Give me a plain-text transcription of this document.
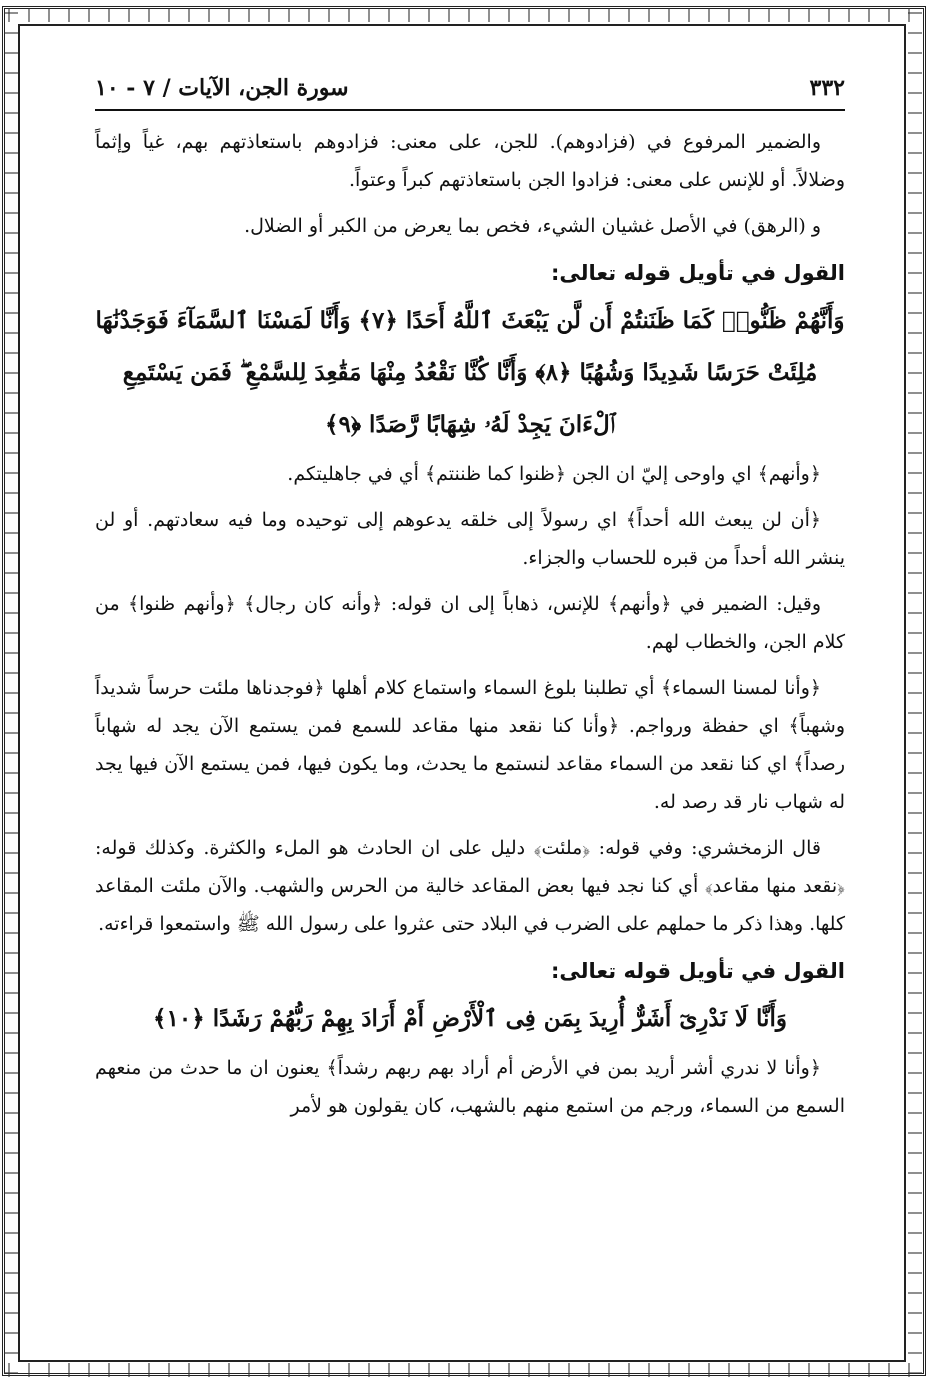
٣٣٢
سورة الجن، الآيات / ٧ - ١٠

والضمير المرفوع في (فزادوهم). للجن، على معنى: فزادوهم باستعاذتهم بهم، غياً وإثماً وضلالاً. أو للإنس على معنى: فزادوا الجن باستعاذتهم كبراً وعتواً.

و (الرهق) في الأصل غشيان الشيء، فخص بما يعرض من الكبر أو الضلال.

القول في تأويل قوله تعالى:

وَأَنَّهُمْ ظَنُّوا۟ كَمَا ظَنَنتُمْ أَن لَّن يَبْعَثَ ٱللَّهُ أَحَدًا ﴿٧﴾ وَأَنَّا لَمَسْنَا ٱلسَّمَآءَ فَوَجَدْنَٰهَا مُلِئَتْ حَرَسًا شَدِيدًا وَشُهُبًا ﴿٨﴾ وَأَنَّا كُنَّا نَقْعُدُ مِنْهَا مَقَٰعِدَ لِلسَّمْعِ ۖ فَمَن يَسْتَمِعِ ٱلْءَانَ يَجِدْ لَهُۥ شِهَابًا رَّصَدًا ﴿٩﴾

﴿وأنهم﴾ اي واوحى إليّ ان الجن ﴿ظنوا كما ظننتم﴾ أي في جاهليتكم.

﴿أن لن يبعث الله أحداً﴾ اي رسولاً إلى خلقه يدعوهم إلى توحيده وما فيه سعادتهم. أو لن ينشر الله أحداً من قبره للحساب والجزاء.

وقيل: الضمير في ﴿وأنهم﴾ للإنس، ذهاباً إلى ان قوله: ﴿وأنه كان رجال﴾ ﴿وأنهم ظنوا﴾ من كلام الجن، والخطاب لهم.

﴿وأنا لمسنا السماء﴾ أي تطلبنا بلوغ السماء واستماع كلام أهلها ﴿فوجدناها ملئت حرساً شديداً وشهباً﴾ اي حفظة ورواجم. ﴿وأنا كنا نقعد منها مقاعد للسمع فمن يستمع الآن يجد له شهاباً رصداً﴾ اي كنا نقعد من السماء مقاعد لنستمع ما يحدث، وما يكون فيها، فمن يستمع الآن فيها يجد له شهاب نار قد رصد له.

قال الزمخشري: وفي قوله: ﴿ملئت﴾ دليل على ان الحادث هو الملء والكثرة. وكذلك قوله: ﴿نقعد منها مقاعد﴾ أي كنا نجد فيها بعض المقاعد خالية من الحرس والشهب. والآن ملئت المقاعد كلها. وهذا ذكر ما حملهم على الضرب في البلاد حتى عثروا على رسول الله ﷺ واستمعوا قراءته.

القول في تأويل قوله تعالى:

وَأَنَّا لَا نَدْرِىٓ أَشَرٌّ أُرِيدَ بِمَن فِى ٱلْأَرْضِ أَمْ أَرَادَ بِهِمْ رَبُّهُمْ رَشَدًا ﴿١٠﴾

﴿وأنا لا ندري أشر أريد بمن في الأرض أم أراد بهم ربهم رشداً﴾ يعنون ان ما حدث من منعهم السمع من السماء، ورجم من استمع منهم بالشهب، كان يقولون هو لأمر
